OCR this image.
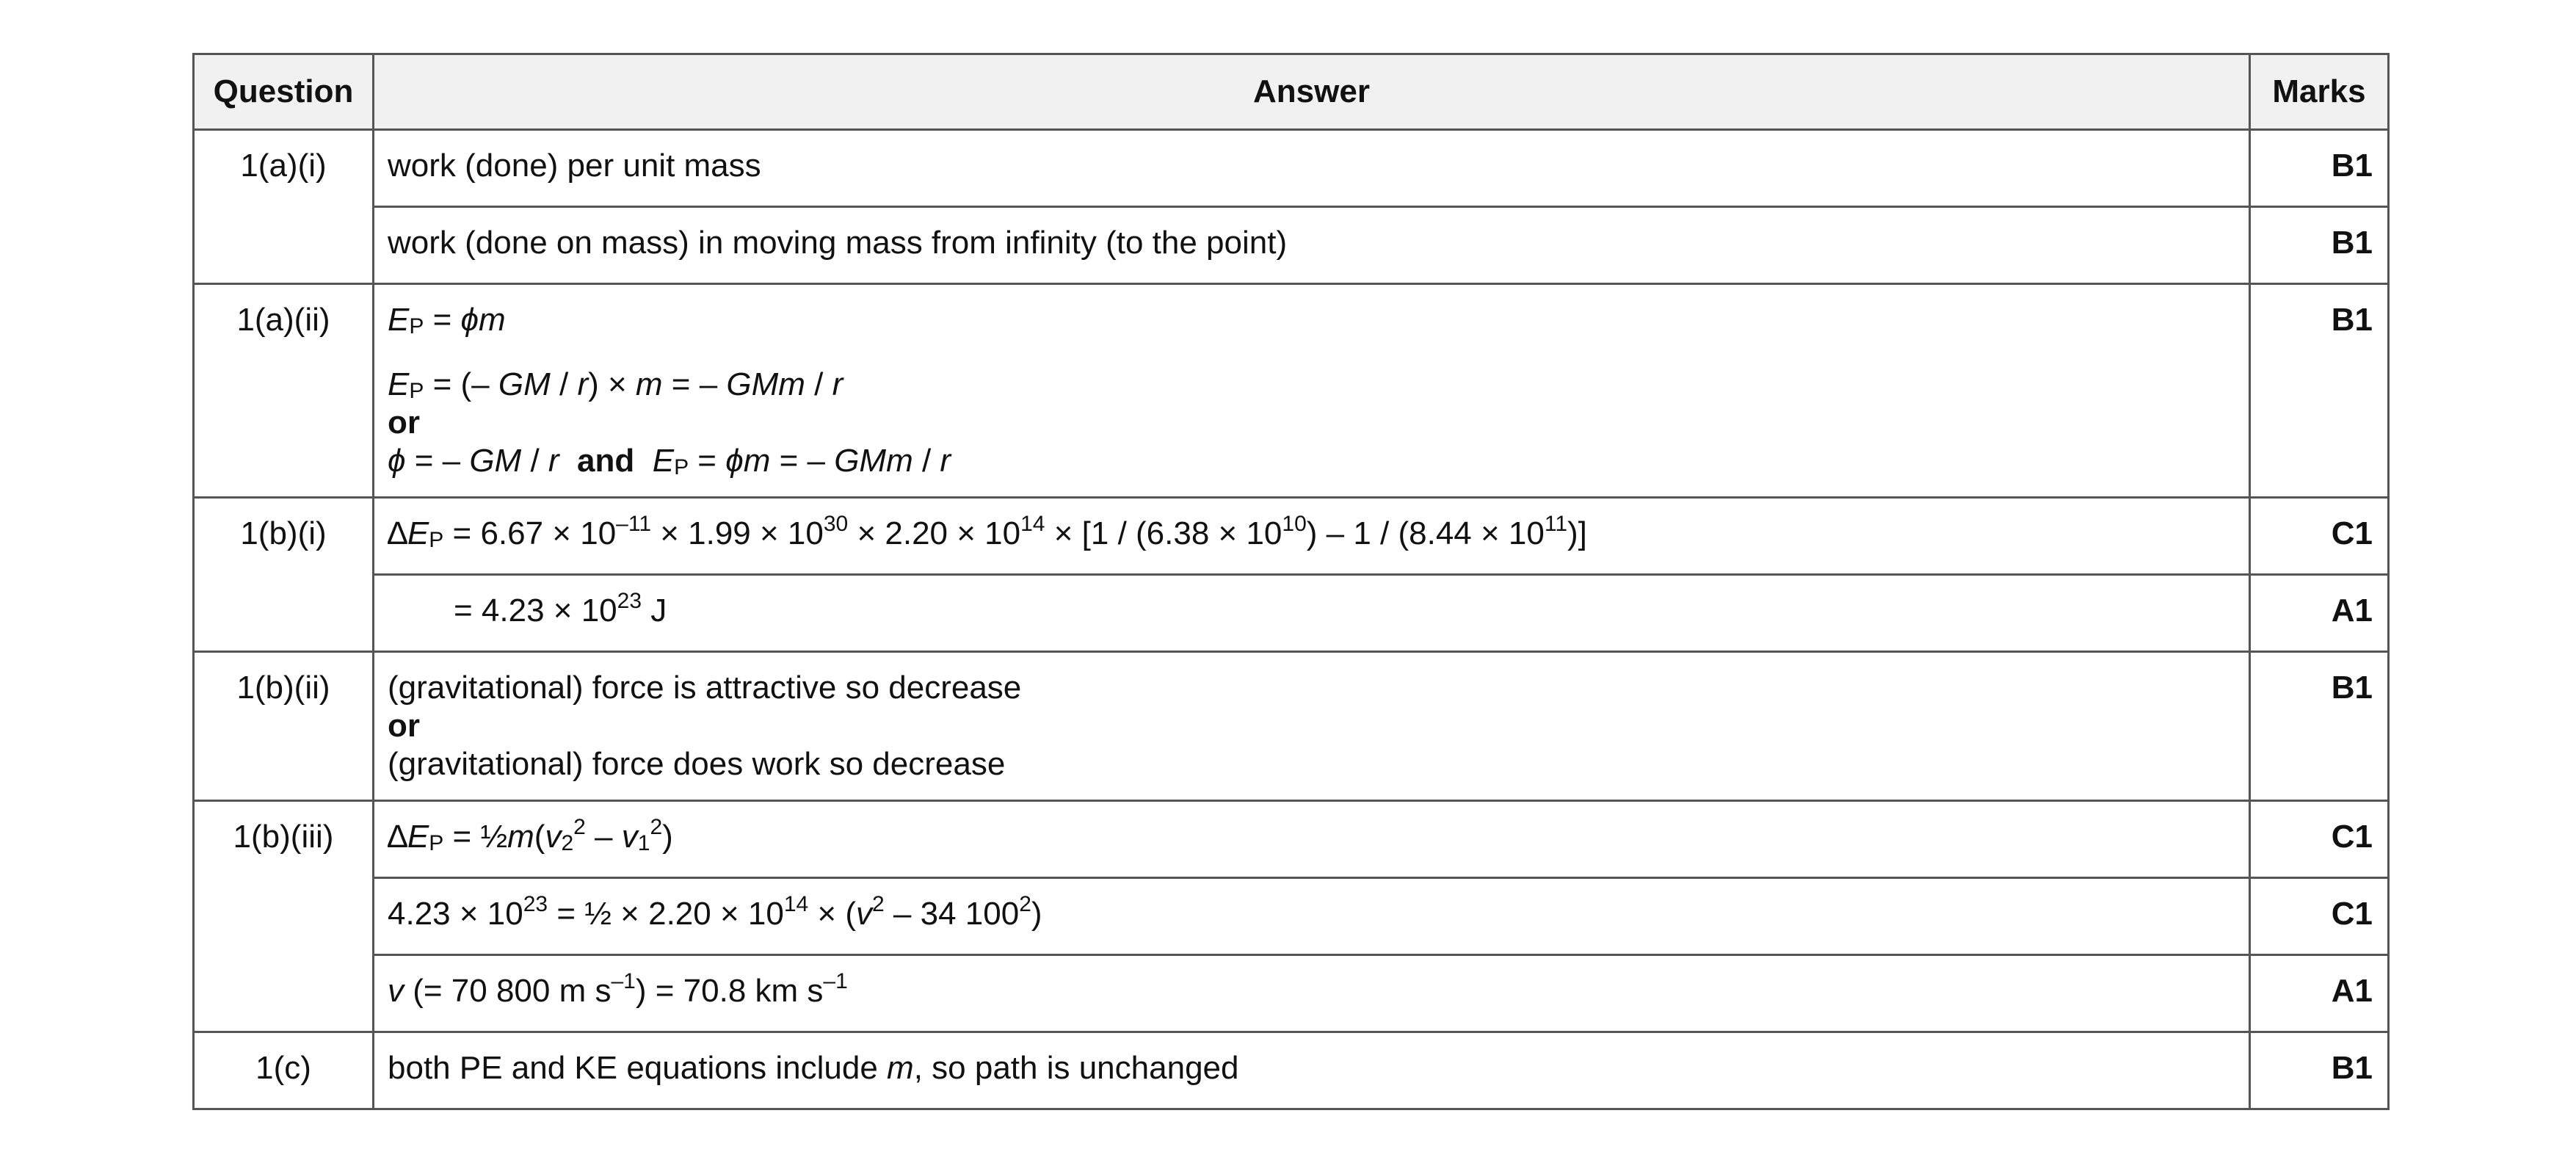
Question	Answer	Marks
1(a)(i)	work (done) per unit mass	B1
	work (done on mass) in moving mass from infinity (to the point)	B1
1(a)(ii)	EP = ϕm
EP = (– GM / r) × m = – GMm / r
or
ϕ = – GM / r and EP = ϕm = – GMm / r	B1
1(b)(i)	$\Delta EP = 6.67 \times 10^{-11} \times 1.99 \times 10^{30} \times 2.20 \times 10^{14} \times [1 / (6.38 \times 10^{10}) - 1 / (8.44 \times 10^{11})]$	C1
	= $4.23 \times 10^{23}$ J	A1
1(b)(ii)	(gravitational) force is attractive so decrease
or
(gravitational) force does work so decrease	B1
1(b)(iii)	$\Delta EP = \frac{1}{2}m(v2^2 - v1^2)$	C1
	$4.23 \times 10^{23}$ = ½ × $2.20 \times 10^{14} \times (v^2 - 34$ $100^2$)	C1
	v (= 70 800 m $s^{-1}) = 70.8$ km $s^{-1}$	A1
1(c)	both PE and KE equations include m, so path is unchanged	B1
